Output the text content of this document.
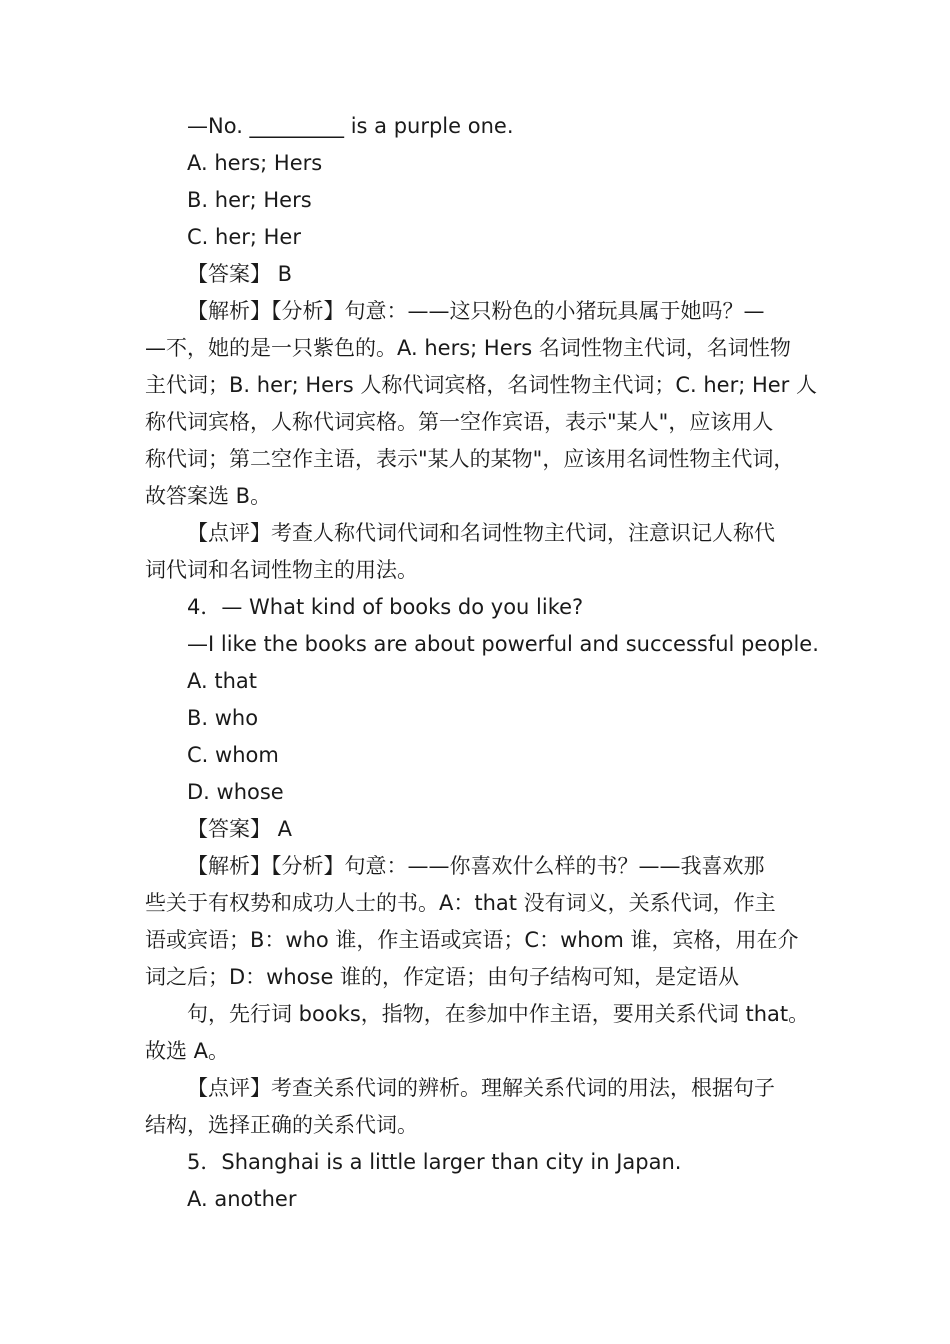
—No. _________ is a purple one.
A. hers; Hers
B. her; Hers
C. her; Her
【答案】 B
【解析】【分析】句意：——这只粉色的小猪玩具属于她吗？—
—不，她的是一只紫色的。A. hers; Hers 名词性物主代词，名词性物
主代词；B. her; Hers 人称代词宾格，名词性物主代词；C. her; Her 人
称代词宾格，人称代词宾格。第一空作宾语，表示"某人"，应该用人
称代词；第二空作主语，表示"某人的某物"，应该用名词性物主代词，
故答案选 B。
【点评】考查人称代词代词和名词性物主代词，注意识记人称代
词代词和名词性物主的用法。
4．— What kind of books do you like?
—I like the books are about powerful and successful people.
A. that
B. who
C. whom
D. whose
【答案】 A
【解析】【分析】句意：——你喜欢什么样的书？——我喜欢那
些关于有权势和成功人士的书。A：that 没有词义，关系代词，作主
语或宾语；B：who 谁，作主语或宾语；C：whom 谁，宾格，用在介
词之后；D：whose 谁的，作定语；由句子结构可知，是定语从
句，先行词 books，指物，在参加中作主语，要用关系代词 that。
故选 A。
【点评】考查关系代词的辨析。理解关系代词的用法，根据句子
结构，选择正确的关系代词。
5．Shanghai is a little larger than city in Japan.
A. another
